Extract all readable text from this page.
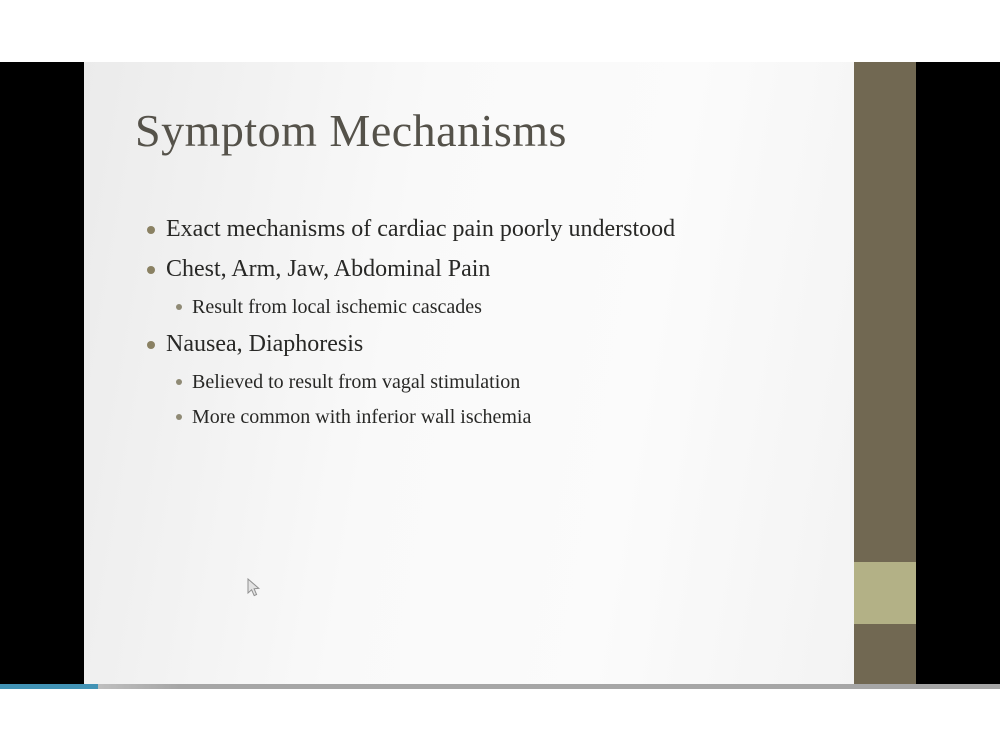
Symptom Mechanisms
Exact mechanisms of cardiac pain poorly understood
Chest, Arm, Jaw, Abdominal Pain
Result from local ischemic cascades
Nausea, Diaphoresis
Believed to result from vagal stimulation
More common with inferior wall ischemia
